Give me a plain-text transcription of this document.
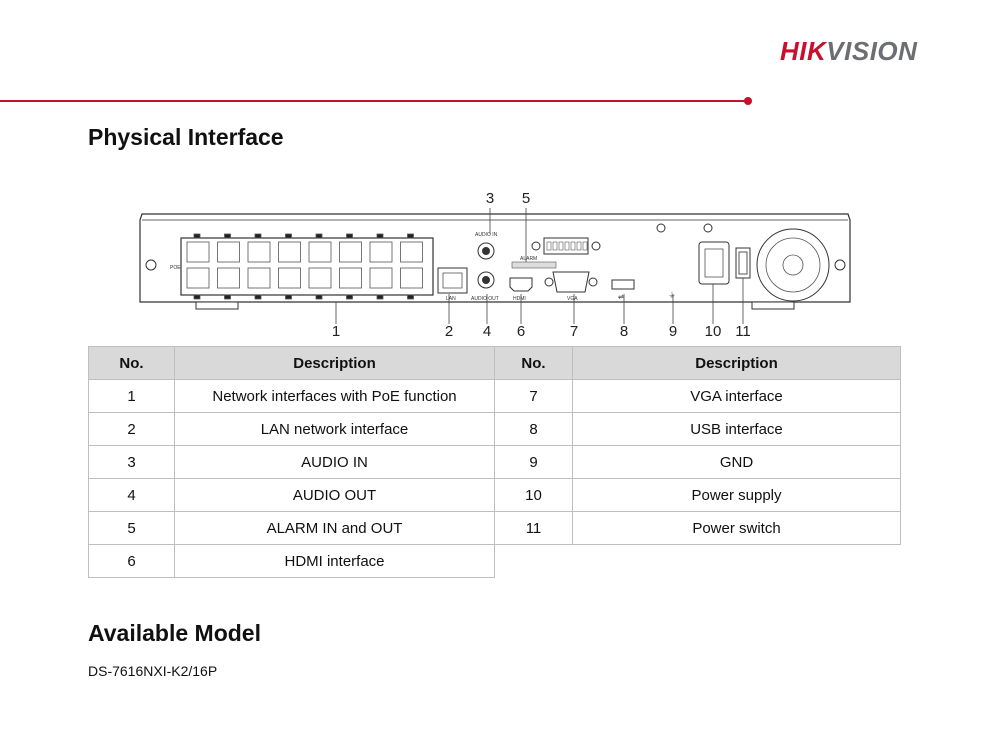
HIKVISION
Physical Interface
POE
LAN
AUDIO IN
AUDIO OUT
ALARM
HDMI	VGA	⇌	⏚
1	2
3
4
5
6	7	8	9 10 11
No.	Description	No.	Description
1	Network interfaces with PoE function	7	VGA interface
2	LAN network interface	8	USB interface
3	AUDIO IN	9	GND
4	AUDIO OUT	10	Power supply
5	ALARM IN and OUT	11	Power switch
6	HDMI interface		
Available Model
DS-7616NXI-K2/16P
